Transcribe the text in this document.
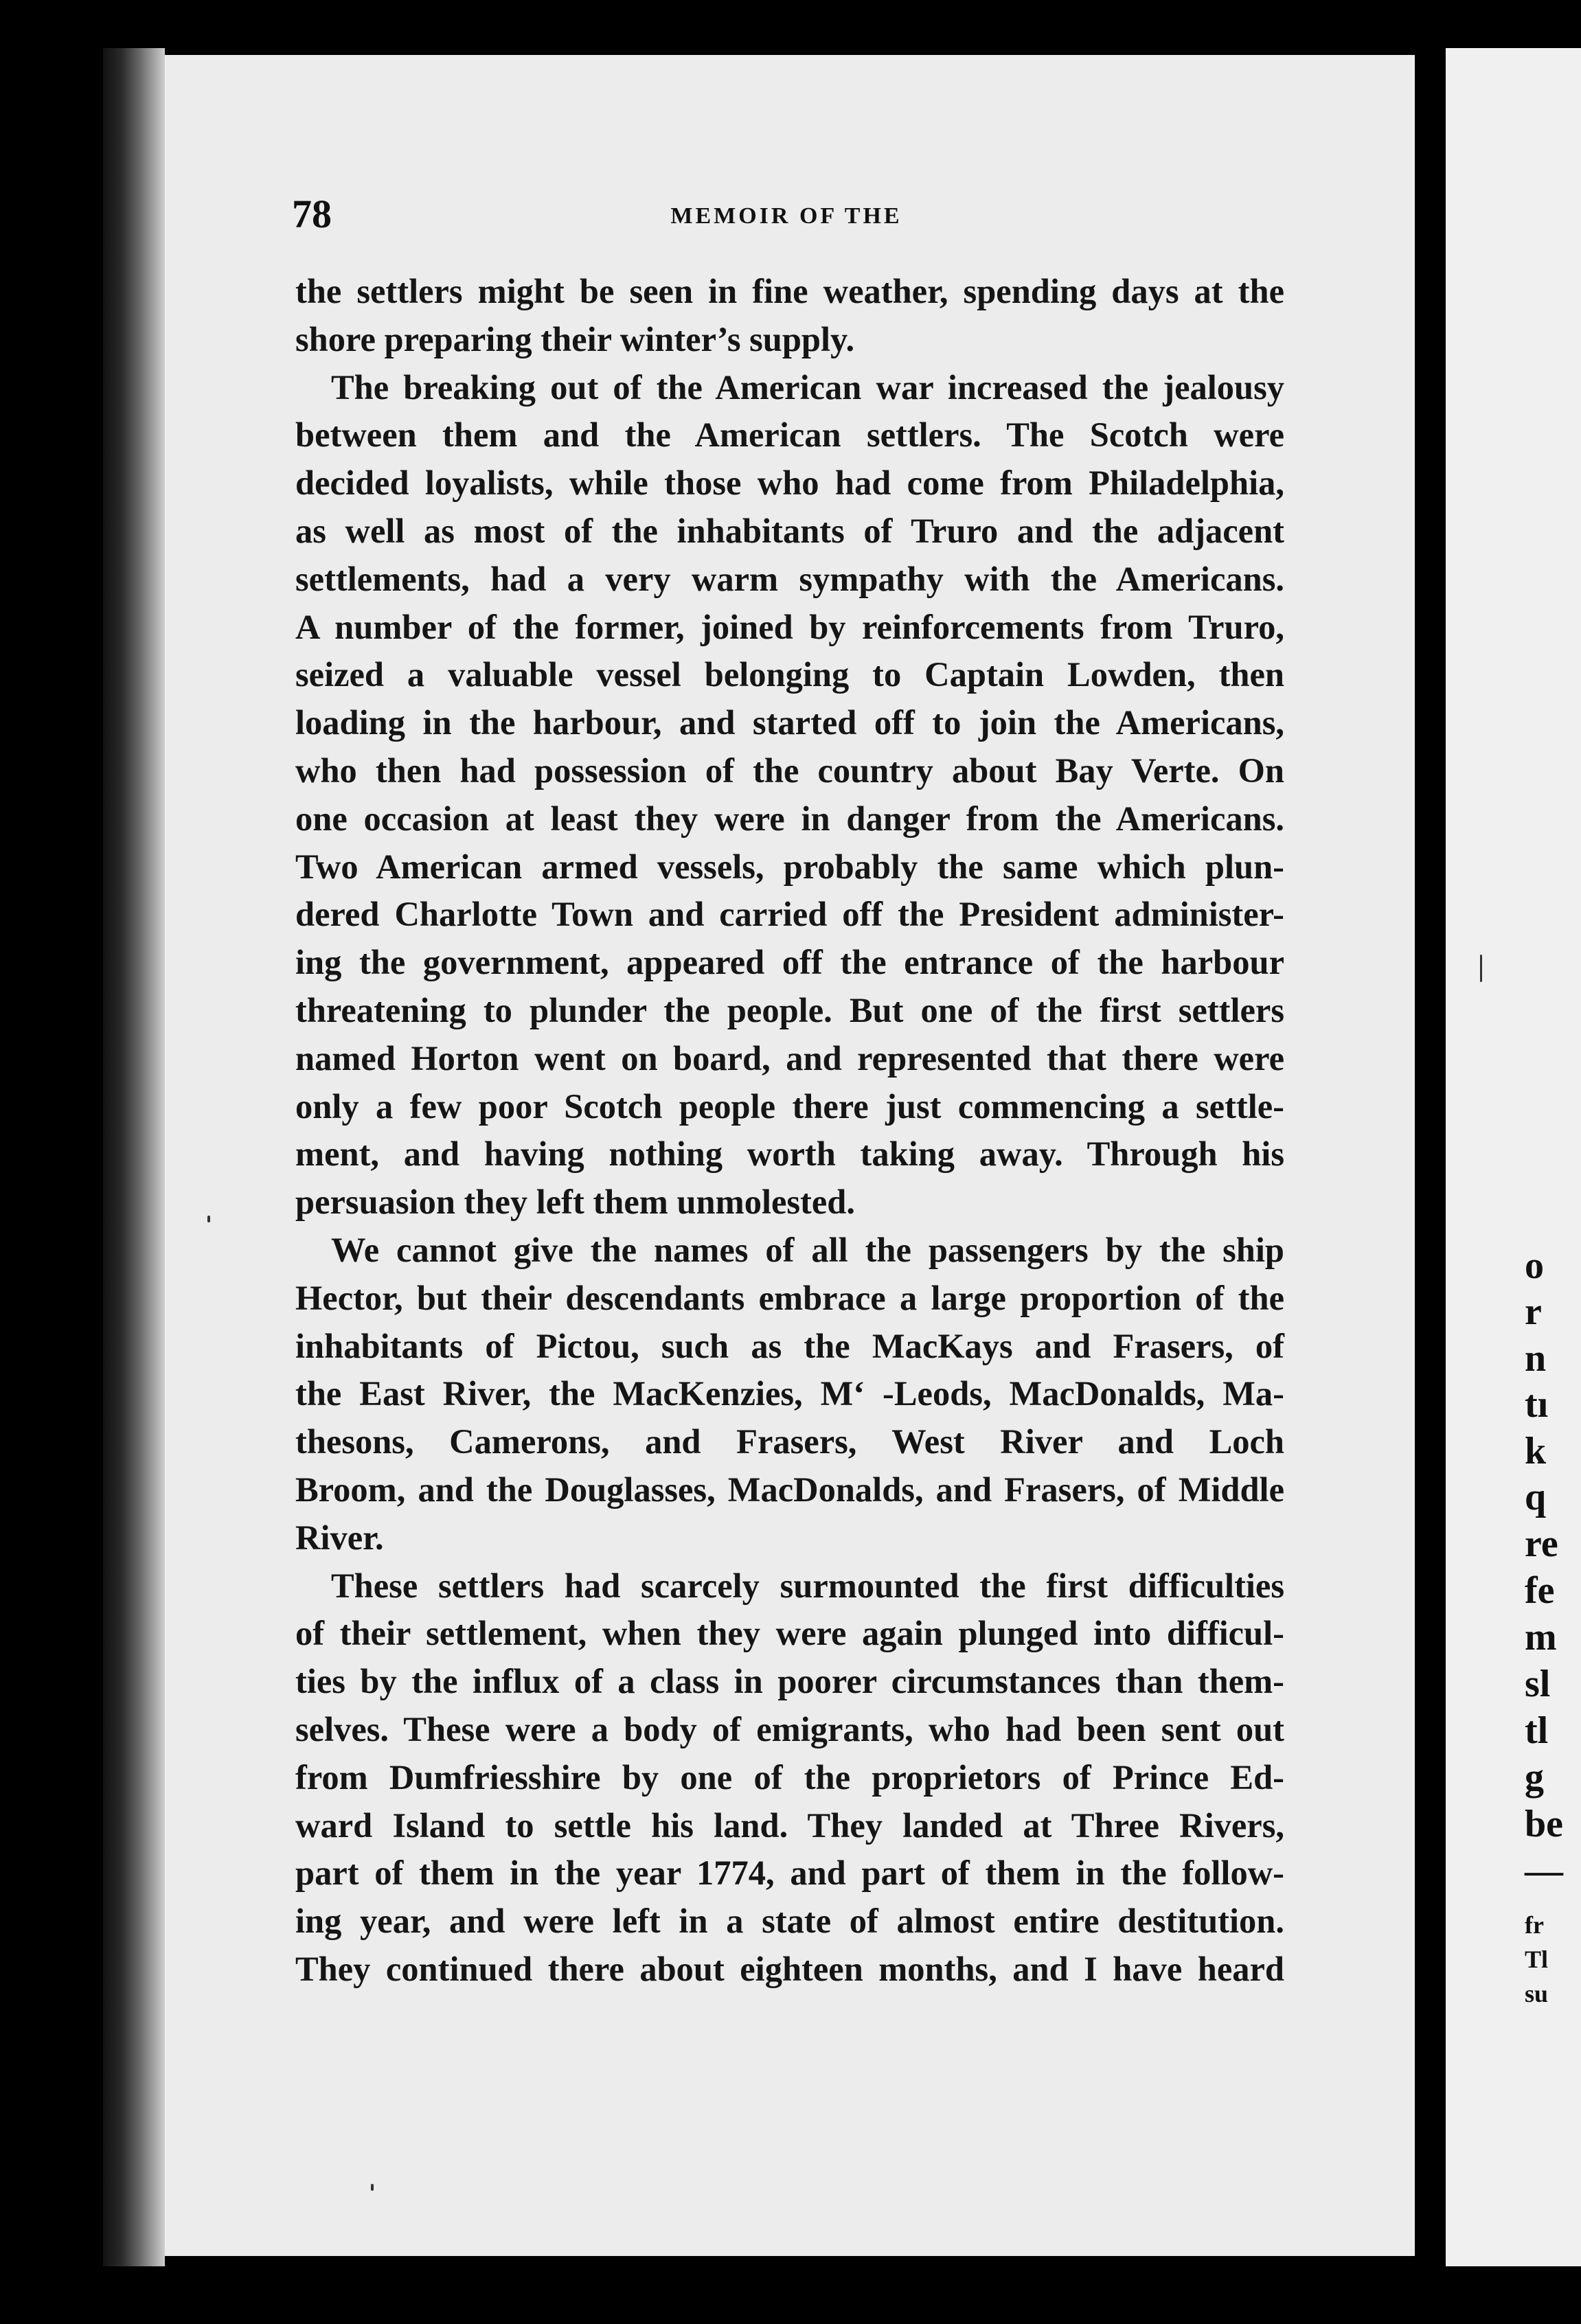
o
r
n
tı
k
q
re
fe
m
sl
tl
g
be
—
fr
Tl
su
78	MEMOIR OF THE
the settlers might be seen in fine weather, spending days at the
shore preparing their winter’s supply.
The breaking out of the American war increased the jealousy
between them and the American settlers. The Scotch were
decided loyalists, while those who had come from Philadelphia,
as well as most of the inhabitants of Truro and the adjacent
settlements, had a very warm sympathy with the Americans.
A number of the former, joined by reinforcements from Truro,
seized a valuable vessel belonging to Captain Lowden, then
loading in the harbour, and started off to join the Americans,
who then had possession of the country about Bay Verte. On
one occasion at least they were in danger from the Americans.
Two American armed vessels, probably the same which plun-
dered Charlotte Town and carried off the President administer-
ing the government, appeared off the entrance of the harbour
threatening to plunder the people. But one of the first settlers
named Horton went on board, and represented that there were
only a few poor Scotch people there just commencing a settle-
ment, and having nothing worth taking away. Through his
persuasion they left them unmolested.
We cannot give the names of all the passengers by the ship
Hector, but their descendants embrace a large proportion of the
inhabitants of Pictou, such as the MacKays and Frasers, of
the East River, the MacKenzies, M‘ ‑Leods, MacDonalds, Ma-
thesons, Camerons, and Frasers, West River and Loch
Broom, and the Douglasses, MacDonalds, and Frasers, of Middle
River.
These settlers had scarcely surmounted the first difficulties
of their settlement, when they were again plunged into difficul-
ties by the influx of a class in poorer circumstances than them-
selves. These were a body of emigrants, who had been sent out
from Dumfriesshire by one of the proprietors of Prince Ed-
ward Island to settle his land. They landed at Three Rivers,
part of them in the year 1774, and part of them in the follow-
ing year, and were left in a state of almost entire destitution.
They continued there about eighteen months, and I have heard
